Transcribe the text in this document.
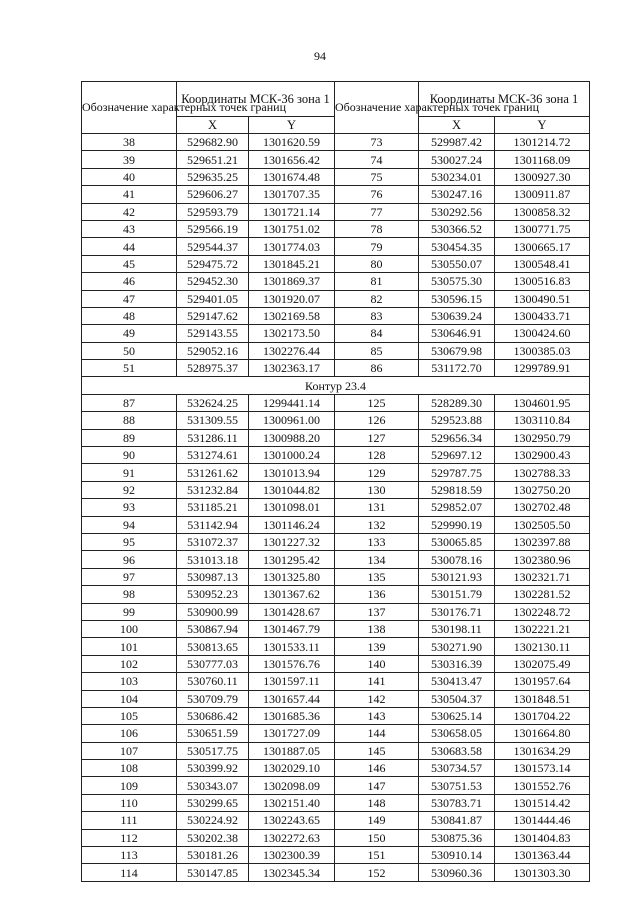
94
Обозначение характерных точек границ	Координаты МСК-36 зона 1		Обозначение характерных точек границ	Координаты МСК-36 зона 1	
	X	Y		X	Y
38	529682.90	1301620.59	73	529987.42	1301214.72
39	529651.21	1301656.42	74	530027.24	1301168.09
40	529635.25	1301674.48	75	530234.01	1300927.30
41	529606.27	1301707.35	76	530247.16	1300911.87
42	529593.79	1301721.14	77	530292.56	1300858.32
43	529566.19	1301751.02	78	530366.52	1300771.75
44	529544.37	1301774.03	79	530454.35	1300665.17
45	529475.72	1301845.21	80	530550.07	1300548.41
46	529452.30	1301869.37	81	530575.30	1300516.83
47	529401.05	1301920.07	82	530596.15	1300490.51
48	529147.62	1302169.58	83	530639.24	1300433.71
49	529143.55	1302173.50	84	530646.91	1300424.60
50	529052.16	1302276.44	85	530679.98	1300385.03
51	528975.37	1302363.17	86	531172.70	1299789.91
Контур 23.4					
87	532624.25	1299441.14	125	528289.30	1304601.95
88	531309.55	1300961.00	126	529523.88	1303110.84
89	531286.11	1300988.20	127	529656.34	1302950.79
90	531274.61	1301000.24	128	529697.12	1302900.43
91	531261.62	1301013.94	129	529787.75	1302788.33
92	531232.84	1301044.82	130	529818.59	1302750.20
93	531185.21	1301098.01	131	529852.07	1302702.48
94	531142.94	1301146.24	132	529990.19	1302505.50
95	531072.37	1301227.32	133	530065.85	1302397.88
96	531013.18	1301295.42	134	530078.16	1302380.96
97	530987.13	1301325.80	135	530121.93	1302321.71
98	530952.23	1301367.62	136	530151.79	1302281.52
99	530900.99	1301428.67	137	530176.71	1302248.72
100	530867.94	1301467.79	138	530198.11	1302221.21
101	530813.65	1301533.11	139	530271.90	1302130.11
102	530777.03	1301576.76	140	530316.39	1302075.49
103	530760.11	1301597.11	141	530413.47	1301957.64
104	530709.79	1301657.44	142	530504.37	1301848.51
105	530686.42	1301685.36	143	530625.14	1301704.22
106	530651.59	1301727.09	144	530658.05	1301664.80
107	530517.75	1301887.05	145	530683.58	1301634.29
108	530399.92	1302029.10	146	530734.57	1301573.14
109	530343.07	1302098.09	147	530751.53	1301552.76
110	530299.65	1302151.40	148	530783.71	1301514.42
111	530224.92	1302243.65	149	530841.87	1301444.46
112	530202.38	1302272.63	150	530875.36	1301404.83
113	530181.26	1302300.39	151	530910.14	1301363.44
114	530147.85	1302345.34	152	530960.36	1301303.30
